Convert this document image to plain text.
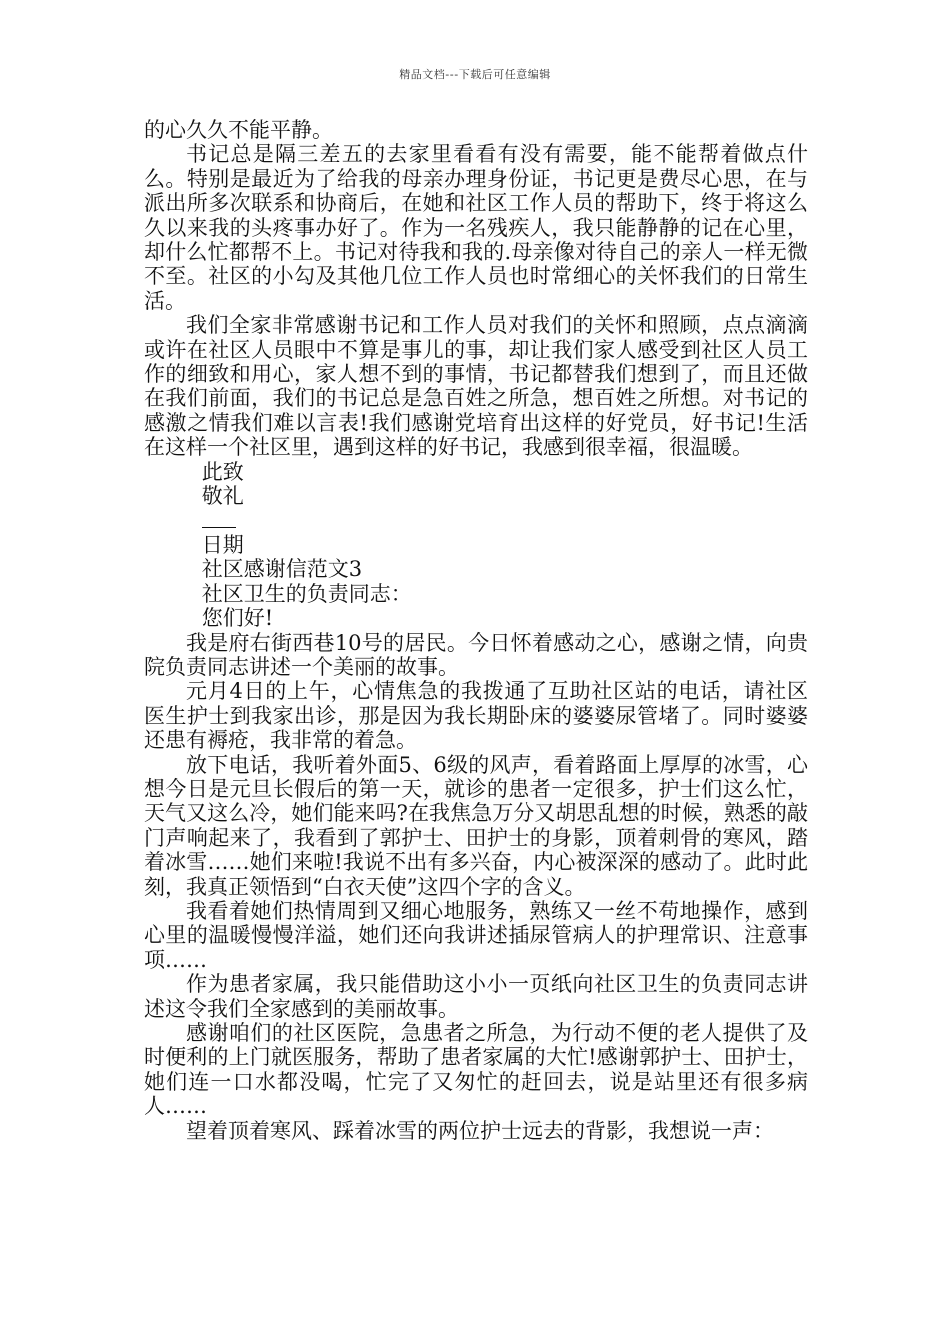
精品文档---下载后可任意编辑

的心久久不能平静。

书记总是隔三差五的去家里看看有没有需要，能不能帮着做点什么。特别是最近为了给我的母亲办理身份证，书记更是费尽心思，在与派出所多次联系和协商后，在她和社区工作人员的帮助下，终于将这么久以来我的头疼事办好了。作为一名残疾人，我只能静静的记在心里，却什么忙都帮不上。书记对待我和我的.母亲像对待自己的亲人一样无微不至。社区的小勾及其他几位工作人员也时常细心的关怀我们的日常生活。

我们全家非常感谢书记和工作人员对我们的关怀和照顾，点点滴滴或许在社区人员眼中不算是事儿的事，却让我们家人感受到社区人员工作的细致和用心，家人想不到的事情，书记都替我们想到了，而且还做在我们前面，我们的书记总是急百姓之所急，想百姓之所想。对书记的感激之情我们难以言表!我们感谢党培育出这样的好党员，好书记!生活在这样一个社区里，遇到这样的好书记，我感到很幸福，很温暖。

此致

敬礼

日期

社区感谢信范文3

社区卫生的负责同志：

您们好!

我是府右街西巷10号的居民。今日怀着感动之心，感谢之情，向贵院负责同志讲述一个美丽的故事。

元月4日的上午，心情焦急的我拨通了互助社区站的电话，请社区医生护士到我家出诊，那是因为我长期卧床的婆婆尿管堵了。同时婆婆还患有褥疮，我非常的着急。

放下电话，我听着外面5、6级的风声，看着路面上厚厚的冰雪，心想今日是元旦长假后的第一天，就诊的患者一定很多，护士们这么忙，天气又这么冷，她们能来吗?在我焦急万分又胡思乱想的时候，熟悉的敲门声响起来了，我看到了郭护士、田护士的身影，顶着刺骨的寒风，踏着冰雪……她们来啦!我说不出有多兴奋，内心被深深的感动了。此时此刻，我真正领悟到“白衣天使”这四个字的含义。

我看着她们热情周到又细心地服务，熟练又一丝不苟地操作，感到心里的温暖慢慢洋溢，她们还向我讲述插尿管病人的护理常识、注意事项……

作为患者家属，我只能借助这小小一页纸向社区卫生的负责同志讲述这令我们全家感到的美丽故事。

感谢咱们的社区医院，急患者之所急，为行动不便的老人提供了及时便利的上门就医服务，帮助了患者家属的大忙!感谢郭护士、田护士，她们连一口水都没喝，忙完了又匆忙的赶回去，说是站里还有很多病人……

望着顶着寒风、踩着冰雪的两位护士远去的背影，我想说一声：
